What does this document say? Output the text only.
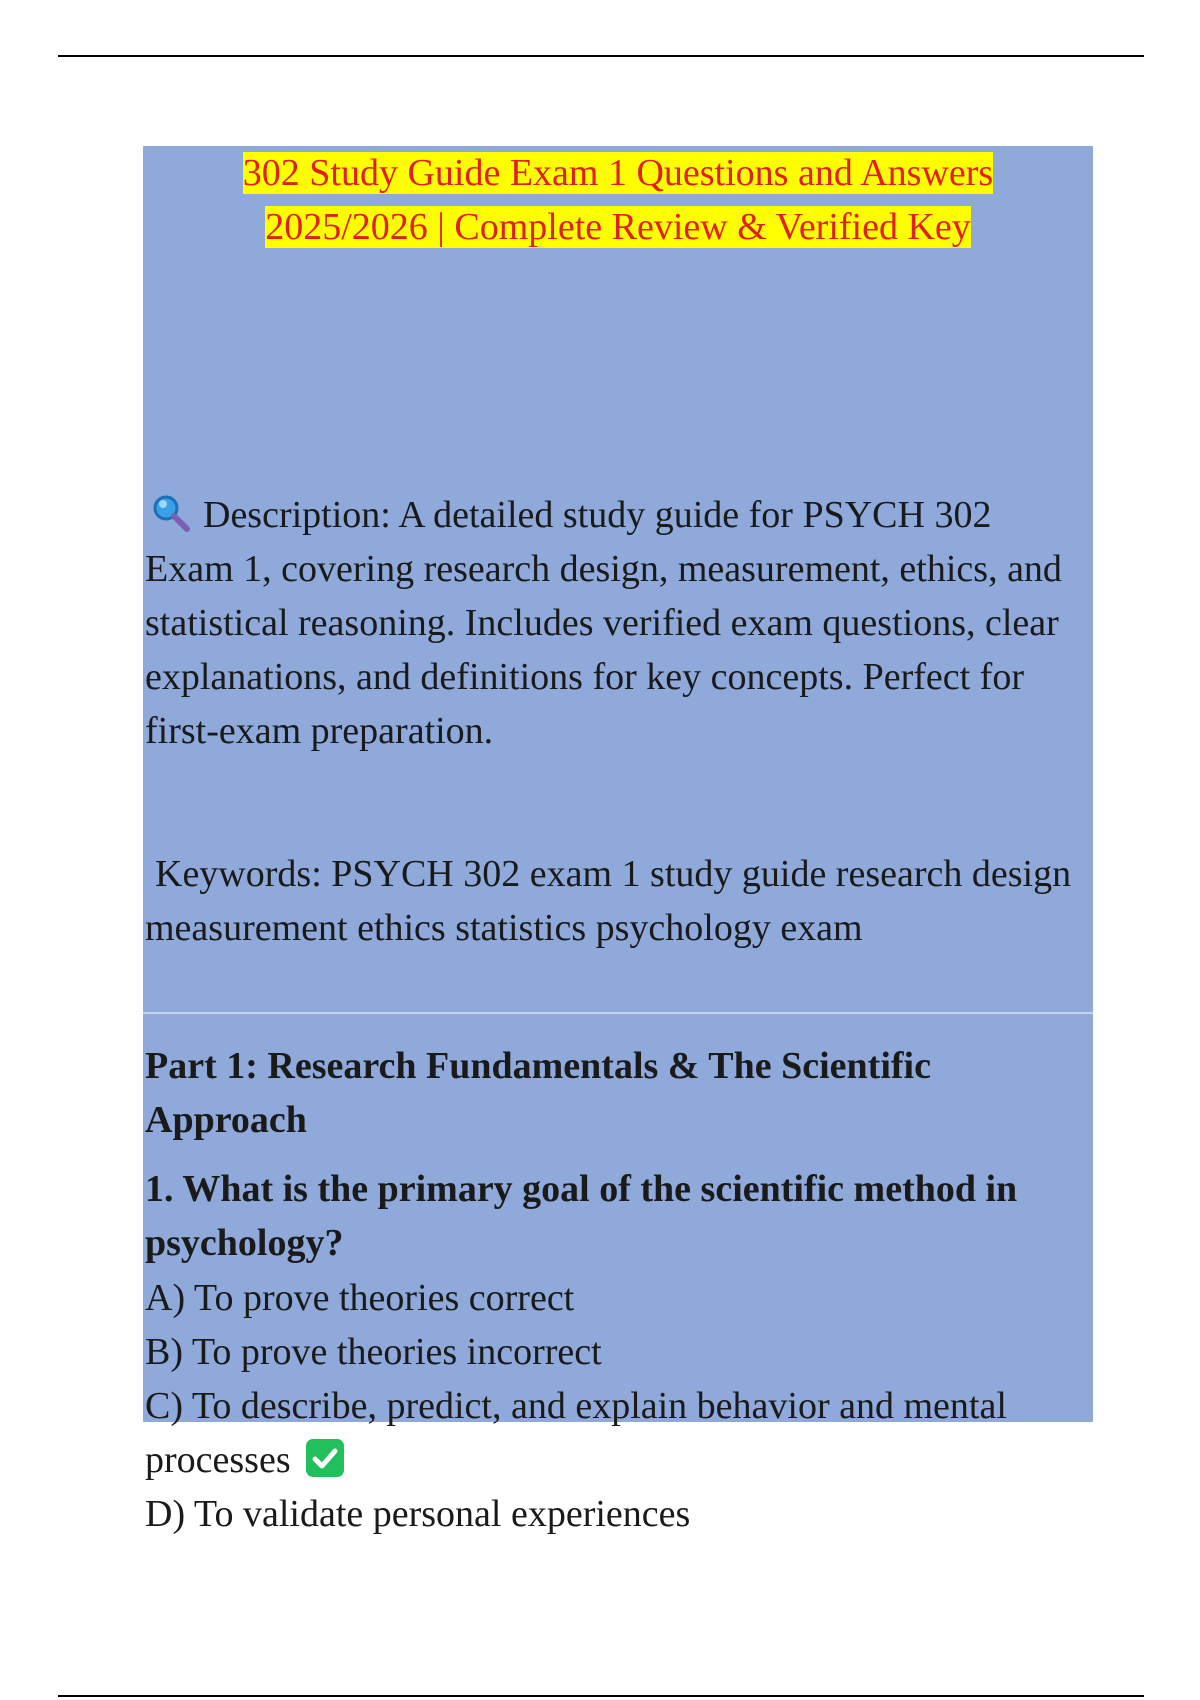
302 Study Guide Exam 1 Questions and Answers
2025/2026 | Complete Review & Verified Key
Description: A detailed study guide for PSYCH 302 Exam 1, covering research design, measurement, ethics, and statistical reasoning. Includes verified exam questions, clear explanations, and definitions for key concepts. Perfect for first-exam preparation.
Keywords: PSYCH 302 exam 1 study guide research design measurement ethics statistics psychology exam
Part 1: Research Fundamentals & The Scientific Approach
1. What is the primary goal of the scientific method in psychology?
A) To prove theories correct
B) To prove theories incorrect
C) To describe, predict, and explain behavior and mental processes
D) To validate personal experiences
